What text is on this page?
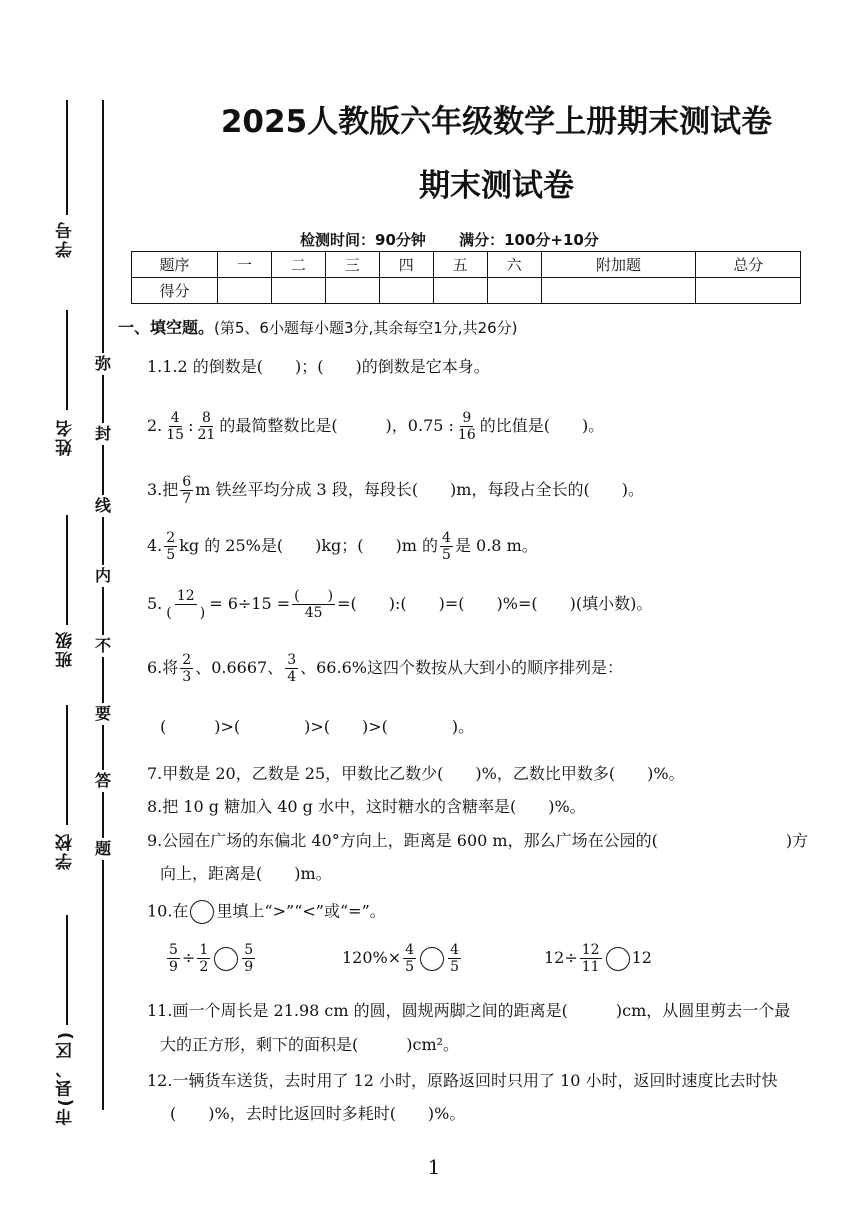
学号
姓名
班级
学校
市(县、区)
弥
封
线
内
不
要
答
题
2025人教版六年级数学上册期末测试卷
期末测试卷
检测时间：90分钟 满分：100分+10分
题序	一	二	三	四	五	六	附加题	总分
得分								
一、填空题。(第5、6小题每小题3分,其余每空1分,共26分)
1.1.2 的倒数是(　　)；(　　)的倒数是它本身。
2. $\frac{4}{15}$ : $\frac{8}{21}$ 的最简整数比是(　　　)，0.75 : $\frac{9}{16}$ 的比值是(　　)。
3.把 $\frac{6}{7}$ m 铁丝平均分成 3 段，每段长(　　)m，每段占全长的(　　)。
4. $\frac{2}{5}$ kg 的 25%是(　　)kg；(　　)m 的 $\frac{4}{5}$ 是 0.8 m。
5. $\frac{12}{( )} = 6\div 15 = \frac{( )}{45}$ =(　　):(　　)=(　　)%=(　　)(填小数)。
6.将 $\frac{2}{3}$ 、0.6667、 $\frac{3}{4}$ 、66.6%这四个数按从大到小的顺序排列是：
(　　　)>(　　　　)>(　　)>(　　　　)。
7.甲数是 20，乙数是 25，甲数比乙数少(　　)%，乙数比甲数多(　　)%。
8.把 10 g 糖加入 40 g 水中，这时糖水的含糖率是(　　)%。
9.公园在广场的东偏北 40°方向上，距离是 600 m，那么广场在公园的(　　　　　　　　)方
向上，距离是(　　)m。
10.在 里填上“>”“<”或“=”。
$\frac{5}{9} \div \frac{1}{2} \frac{5}{9}$	$120\%\times \frac{4}{5} \frac{4}{5}$	$12\div \frac{12}{11} 12$
11.画一个周长是 21.98 cm 的圆，圆规两脚之间的距离是(　　　)cm，从圆里剪去一个最
大的正方形，剩下的面积是(　　　)cm²。
12.一辆货车送货，去时用了 12 小时，原路返回时只用了 10 小时，返回时速度比去时快
(　　)%，去时比返回时多耗时(　　)%。
1
